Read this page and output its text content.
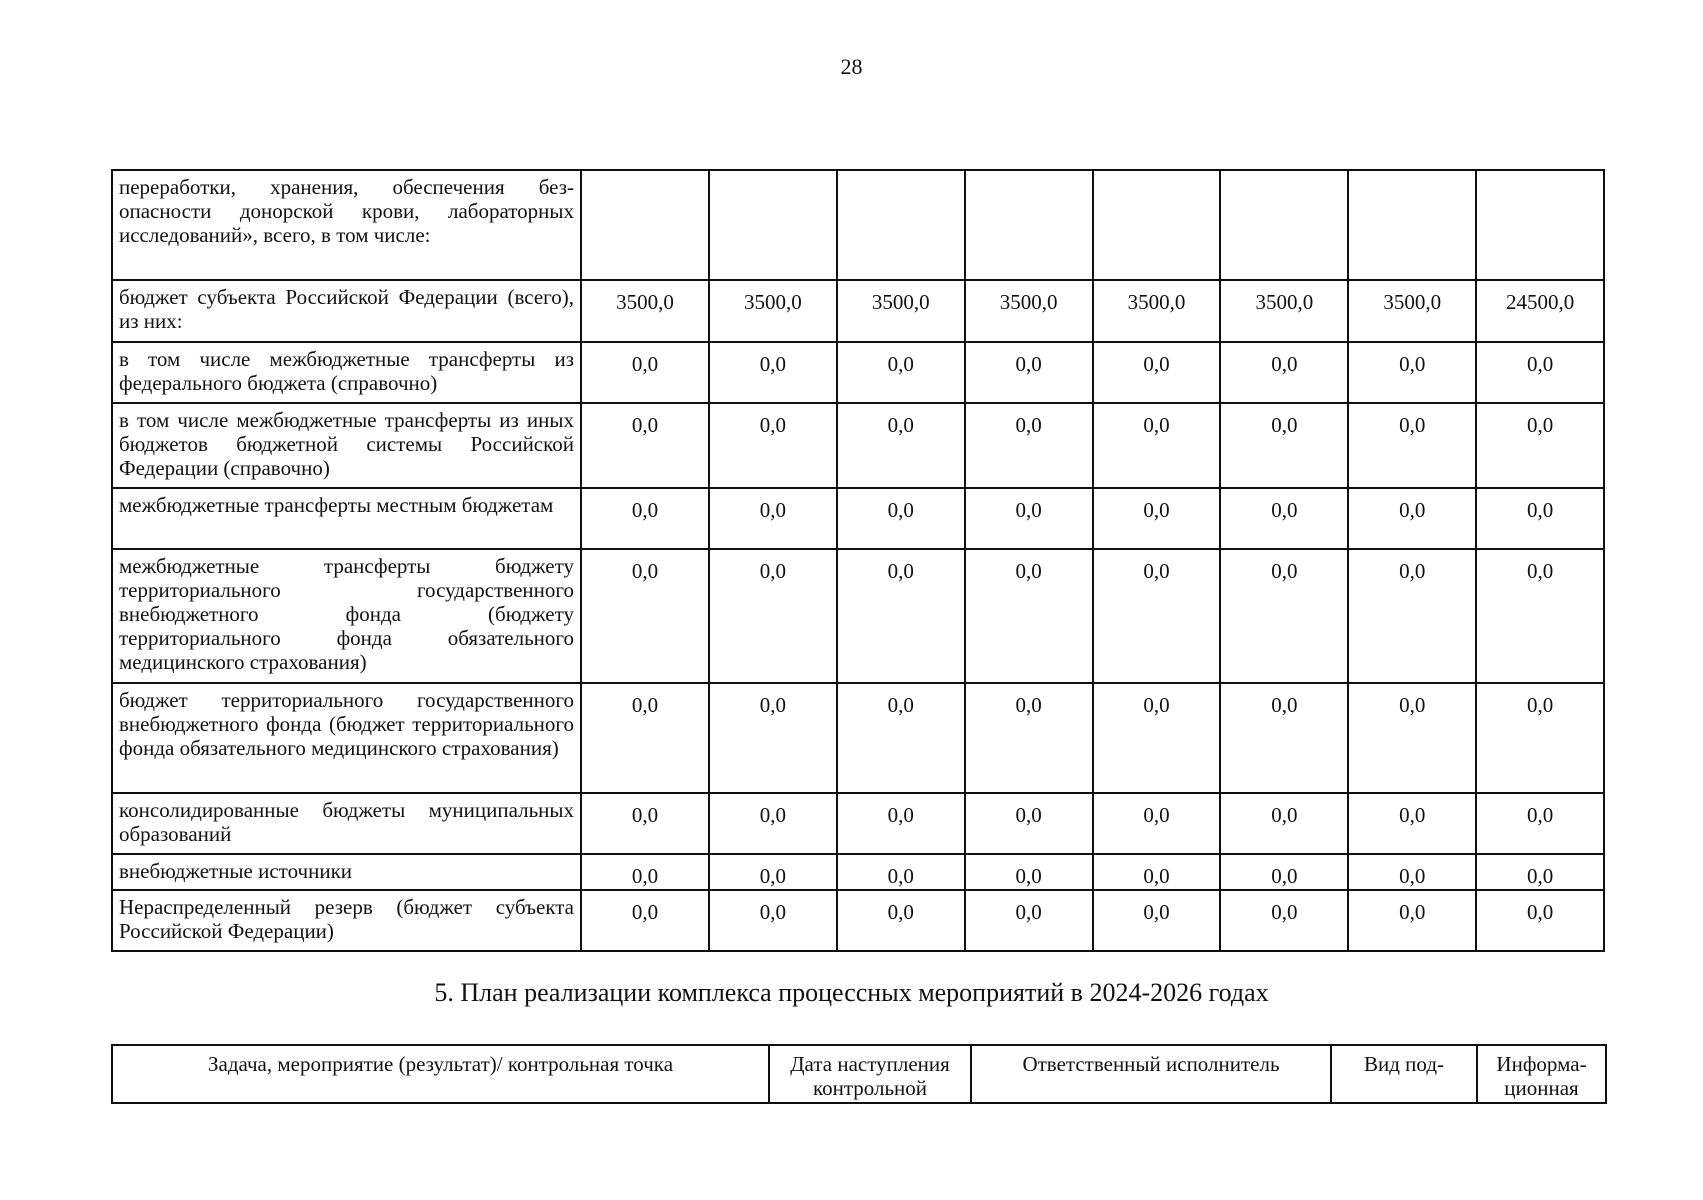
28
переработки, хранения, обеспечения без-опасности донорской крови, лабораторных исследований», всего, в том числе:								
бюджет субъекта Российской Федерации (всего), из них:	3500,0	3500,0	3500,0	3500,0	3500,0	3500,0	3500,0	24500,0
в том числе межбюджетные трансферты из федерального бюджета (справочно)	0,0	0,0	0,0	0,0	0,0	0,0	0,0	0,0
в том числе межбюджетные трансферты из иных бюджетов бюджетной системы Российской Федерации (справочно)	0,0	0,0	0,0	0,0	0,0	0,0	0,0	0,0
межбюджетные трансферты местным бюджетам	0,0	0,0	0,0	0,0	0,0	0,0	0,0	0,0
межбюджетные трансферты бюджету территориального государственного внебюджетного фонда (бюджету территориального фонда обязательного медицинского страхования)	0,0	0,0	0,0	0,0	0,0	0,0	0,0	0,0
бюджет территориального государственного внебюджетного фонда (бюджет территориального фонда обязательного медицинского страхования)	0,0	0,0	0,0	0,0	0,0	0,0	0,0	0,0
консолидированные бюджеты муниципальных образований	0,0	0,0	0,0	0,0	0,0	0,0	0,0	0,0
внебюджетные источники	0,0	0,0	0,0	0,0	0,0	0,0	0,0	0,0
Нераспределенный резерв (бюджет субъекта Российской Федерации)	0,0	0,0	0,0	0,0	0,0	0,0	0,0	0,0
5. План реализации комплекса процессных мероприятий в 2024-2026 годах
Задача, мероприятие (результат)/ контрольная точка	Дата наступления контрольной	Ответственный исполнитель	Вид под-	Информа-ционная
